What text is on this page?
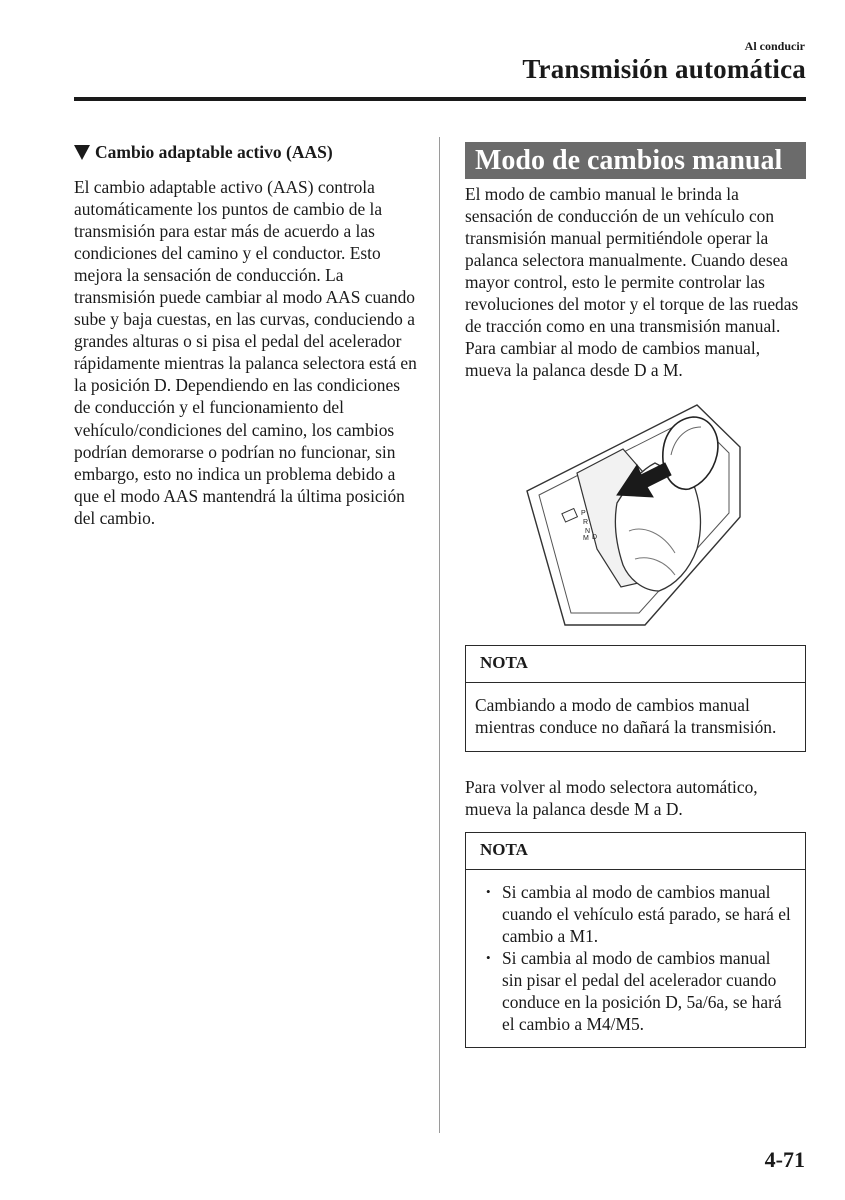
Al conducir
Transmisión automática
Cambio adaptable activo (AAS)

El cambio adaptable activo (AAS) controla automáticamente los puntos de cambio de la transmisión para estar más de acuerdo a las condiciones del camino y el conductor. Esto mejora la sensación de conducción. La transmisión puede cambiar al modo AAS cuando sube y baja cuestas, en las curvas, conduciendo a grandes alturas o si pisa el pedal del acelerador rápidamente mientras la palanca selectora está en la posición D. Dependiendo en las condiciones de conducción y el funcionamiento del vehículo/condiciones del camino, los cambios podrían demorarse o podrían no funcionar, sin embargo, esto no indica un problema debido a que el modo AAS mantendrá la última posición del cambio.

Modo de cambios manual

El modo de cambio manual le brinda la sensación de conducción de un vehículo con transmisión manual permitiéndole operar la palanca selectora manualmente. Cuando desea mayor control, esto le permite controlar las revoluciones del motor y el torque de las ruedas de tracción como en una transmisión manual. Para cambiar al modo de cambios manual, mueva la palanca desde D a M.

P
R
N
D
M
NOTA
Cambiando a modo de cambios manual mientras conduce no dañará la transmisión.

Para volver al modo selectora automático, mueva la palanca desde M a D.

NOTA
• Si cambia al modo de cambios manual cuando el vehículo está parado, se hará el cambio a M1.
• Si cambia al modo de cambios manual sin pisar el pedal del acelerador cuando conduce en la posición D, 5a/6a, se hará el cambio a M4/M5.
4-71
